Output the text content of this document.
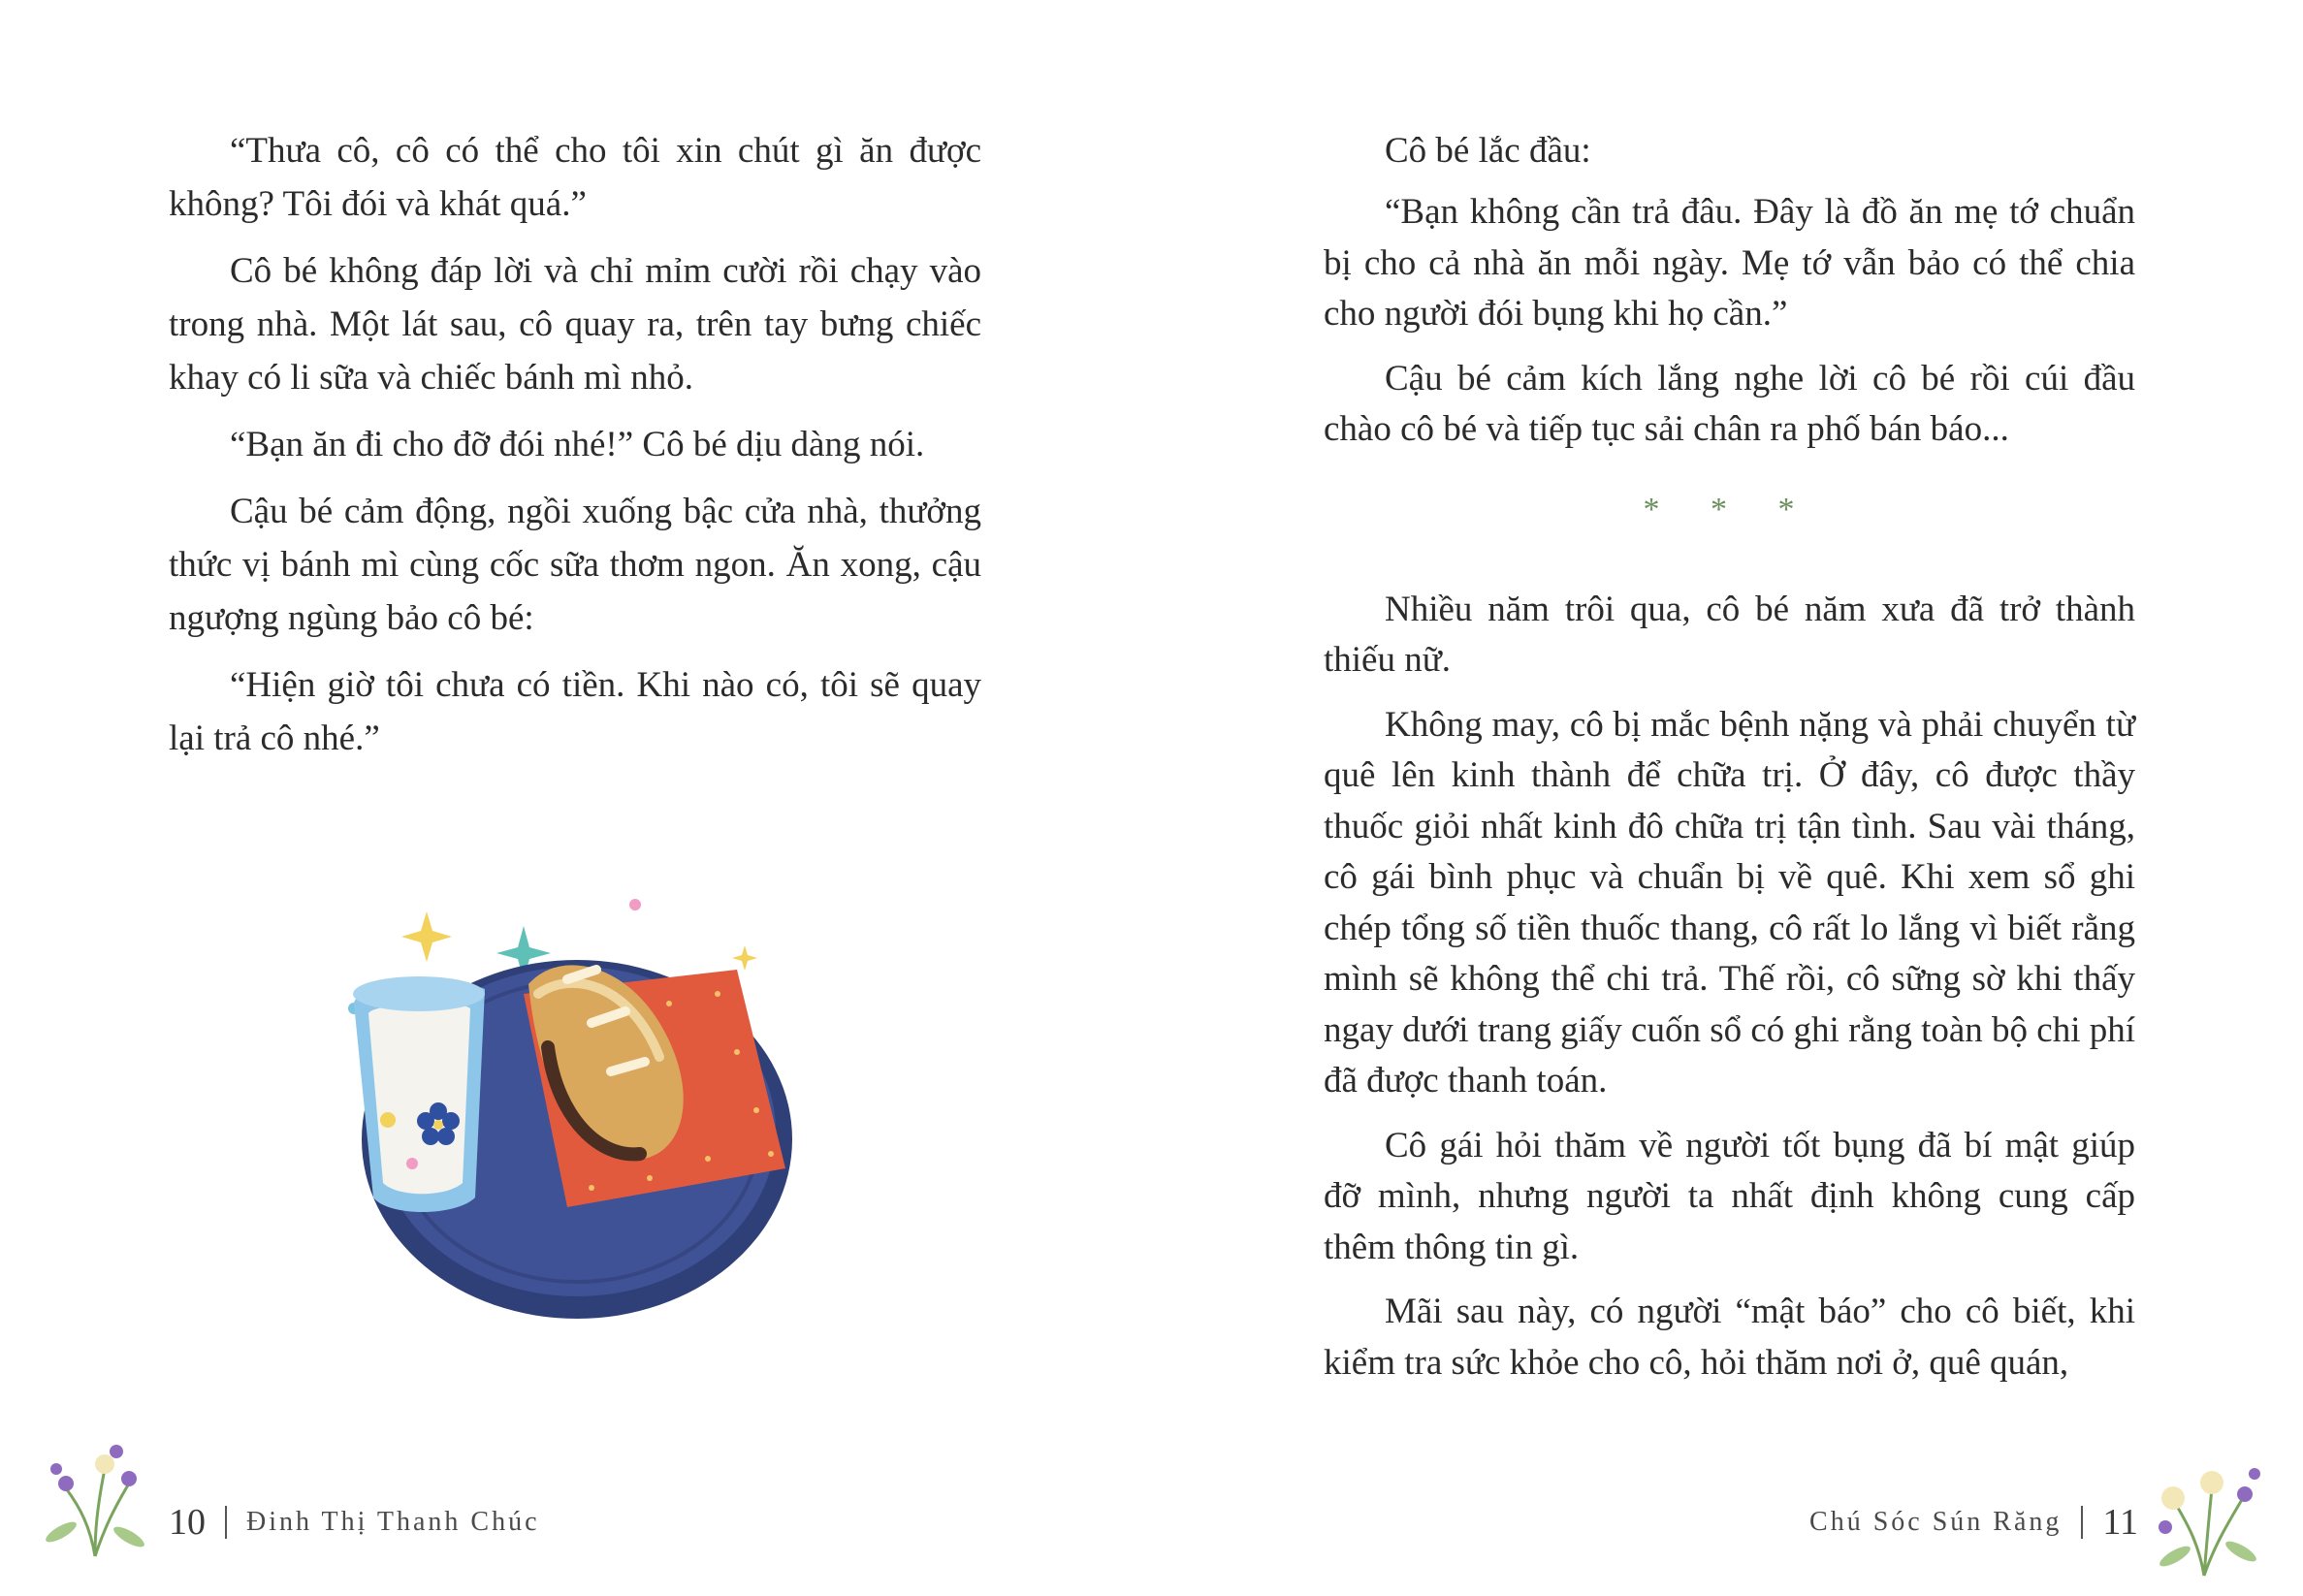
“Thưa cô, cô có thể cho tôi xin chút gì ăn được không? Tôi đói và khát quá.”

Cô bé không đáp lời và chỉ mỉm cười rồi chạy vào trong nhà. Một lát sau, cô quay ra, trên tay bưng chiếc khay có li sữa và chiếc bánh mì nhỏ.

“Bạn ăn đi cho đỡ đói nhé!” Cô bé dịu dàng nói.

Cậu bé cảm động, ngồi xuống bậc cửa nhà, thưởng thức vị bánh mì cùng cốc sữa thơm ngon. Ăn xong, cậu ngượng ngùng bảo cô bé:

“Hiện giờ tôi chưa có tiền. Khi nào có, tôi sẽ quay lại trả cô nhé.”

10 Đinh Thị Thanh Chúc

Cô bé lắc đầu:

“Bạn không cần trả đâu. Đây là đồ ăn mẹ tớ chuẩn bị cho cả nhà ăn mỗi ngày. Mẹ tớ vẫn bảo có thể chia cho người đói bụng khi họ cần.”

Cậu bé cảm kích lắng nghe lời cô bé rồi cúi đầu chào cô bé và tiếp tục sải chân ra phố bán báo...

* * *

Nhiều năm trôi qua, cô bé năm xưa đã trở thành thiếu nữ.

Không may, cô bị mắc bệnh nặng và phải chuyển từ quê lên kinh thành để chữa trị. Ở đây, cô được thầy thuốc giỏi nhất kinh đô chữa trị tận tình. Sau vài tháng, cô gái bình phục và chuẩn bị về quê. Khi xem sổ ghi chép tổng số tiền thuốc thang, cô rất lo lắng vì biết rằng mình sẽ không thể chi trả. Thế rồi, cô sững sờ khi thấy ngay dưới trang giấy cuốn sổ có ghi rằng toàn bộ chi phí đã được thanh toán.

Cô gái hỏi thăm về người tốt bụng đã bí mật giúp đỡ mình, nhưng người ta nhất định không cung cấp thêm thông tin gì.

Mãi sau này, có người “mật báo” cho cô biết, khi kiểm tra sức khỏe cho cô, hỏi thăm nơi ở, quê quán,

Chú Sóc Sún Răng 11
